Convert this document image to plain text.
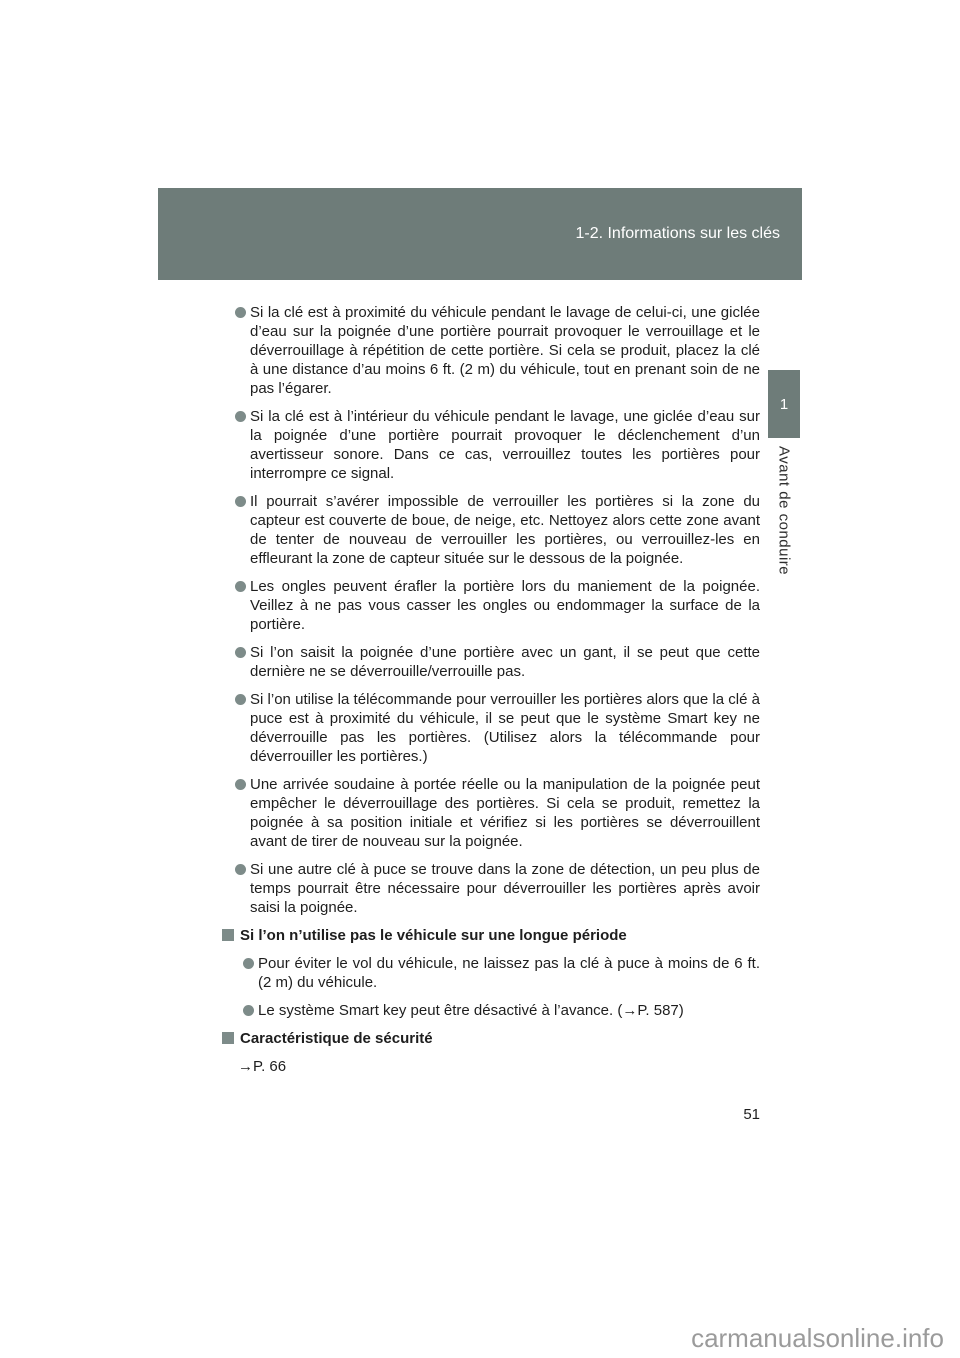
1-2. Informations sur les clés
1
Avant de conduire
Si la clé est à proximité du véhicule pendant le lavage de celui-ci, une giclée d’eau sur la poignée d’une portière pourrait provoquer le verrouillage et le déverrouillage à répétition de cette portière. Si cela se produit, placez la clé à une distance d’au moins 6 ft. (2 m) du véhicule, tout en prenant soin de ne pas l’égarer.
Si la clé est à l’intérieur du véhicule pendant le lavage, une giclée d’eau sur la poignée d’une portière pourrait provoquer le déclenchement d’un avertisseur sonore. Dans ce cas, verrouillez toutes les portières pour interrompre ce signal.
Il pourrait s’avérer impossible de verrouiller les portières si la zone du capteur est couverte de boue, de neige, etc. Nettoyez alors cette zone avant de tenter de nouveau de verrouiller les portières, ou verrouillez-les en effleurant la zone de capteur située sur le dessous de la poignée.
Les ongles peuvent érafler la portière lors du maniement de la poignée. Veillez à ne pas vous casser les ongles ou endommager la surface de la portière.
Si l’on saisit la poignée d’une portière avec un gant, il se peut que cette dernière ne se déverrouille/verrouille pas.
Si l’on utilise la télécommande pour verrouiller les portières alors que la clé à puce est à proximité du véhicule, il se peut que le système Smart key ne déverrouille pas les portières. (Utilisez alors la télécommande pour déverrouiller les portières.)
Une arrivée soudaine à portée réelle ou la manipulation de la poignée peut empêcher le déverrouillage des portières. Si cela se produit, remettez la poignée à sa position initiale et vérifiez si les portières se déverrouillent avant de tirer de nouveau sur la poignée.
Si une autre clé à puce se trouve dans la zone de détection, un peu plus de temps pourrait être nécessaire pour déverrouiller les portières après avoir saisi la poignée.
Si l’on n’utilise pas le véhicule sur une longue période
Pour éviter le vol du véhicule, ne laissez pas la clé à puce à moins de 6 ft. (2 m) du véhicule.
Le système Smart key peut être désactivé à l’avance. (→P. 587)
Caractéristique de sécurité
→P. 66
51
carmanualsonline.info
